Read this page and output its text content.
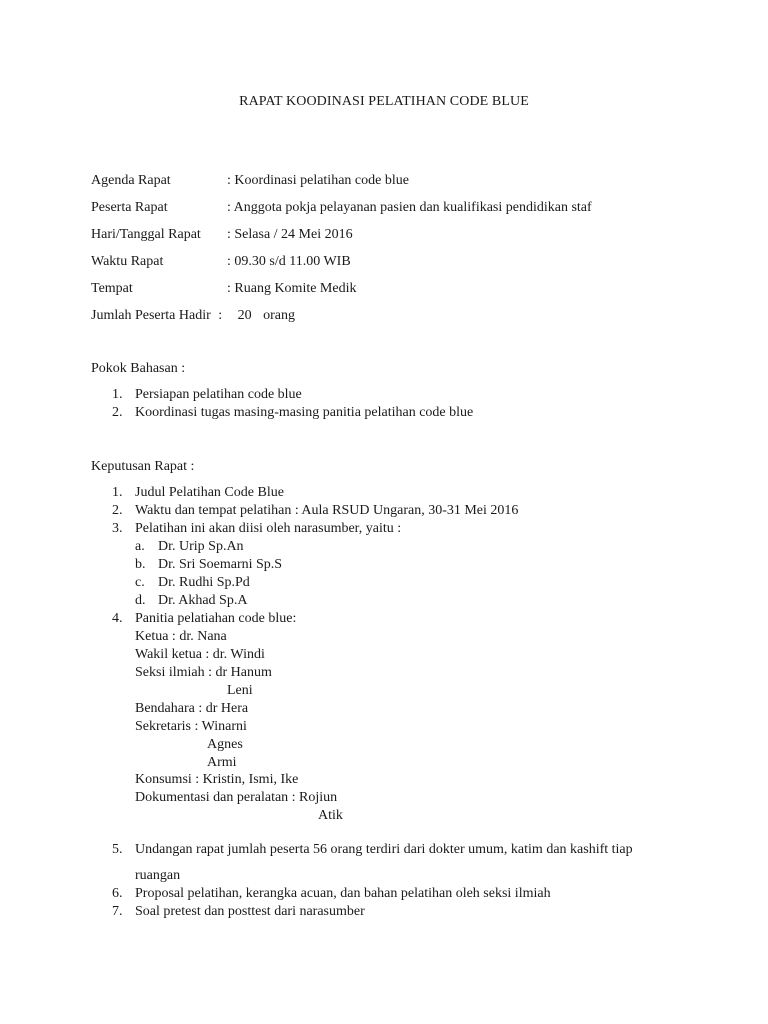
RAPAT KOODINASI PELATIHAN CODE BLUE
Agenda Rapat	: Koordinasi pelatihan code blue
Peserta Rapat	: Anggota pokja pelayanan pasien dan kualifikasi pendidikan staf
Hari/Tanggal Rapat : Selasa / 24 Mei 2016
Waktu Rapat	: 09.30 s/d 11.00 WIB
Tempat	: Ruang Komite Medik
Jumlah Peserta Hadir : 20 orang
Pokok Bahasan :
1. Persiapan pelatihan code blue
2. Koordinasi tugas masing-masing panitia pelatihan code blue
Keputusan Rapat :
1. Judul Pelatihan Code Blue
2. Waktu dan tempat pelatihan : Aula RSUD Ungaran, 30-31 Mei 2016
3. Pelatihan ini akan diisi oleh narasumber, yaitu :
a. Dr. Urip Sp.An
b. Dr. Sri Soemarni Sp.S
c. Dr. Rudhi Sp.Pd
d. Dr. Akhad Sp.A
4. Panitia pelatiahan code blue:
Ketua : dr. Nana
Wakil ketua : dr. Windi
Seksi ilmiah : dr Hanum
Leni
Bendahara : dr Hera
Sekretaris : Winarni
Agnes
Armi
Konsumsi : Kristin, Ismi, Ike
Dokumentasi dan peralatan : Rojiun
Atik
5. Undangan rapat jumlah peserta 56 orang terdiri dari dokter umum, katim dan kashift tiap
ruangan
6. Proposal pelatihan, kerangka acuan, dan bahan pelatihan oleh seksi ilmiah
7. Soal pretest dan posttest dari narasumber
